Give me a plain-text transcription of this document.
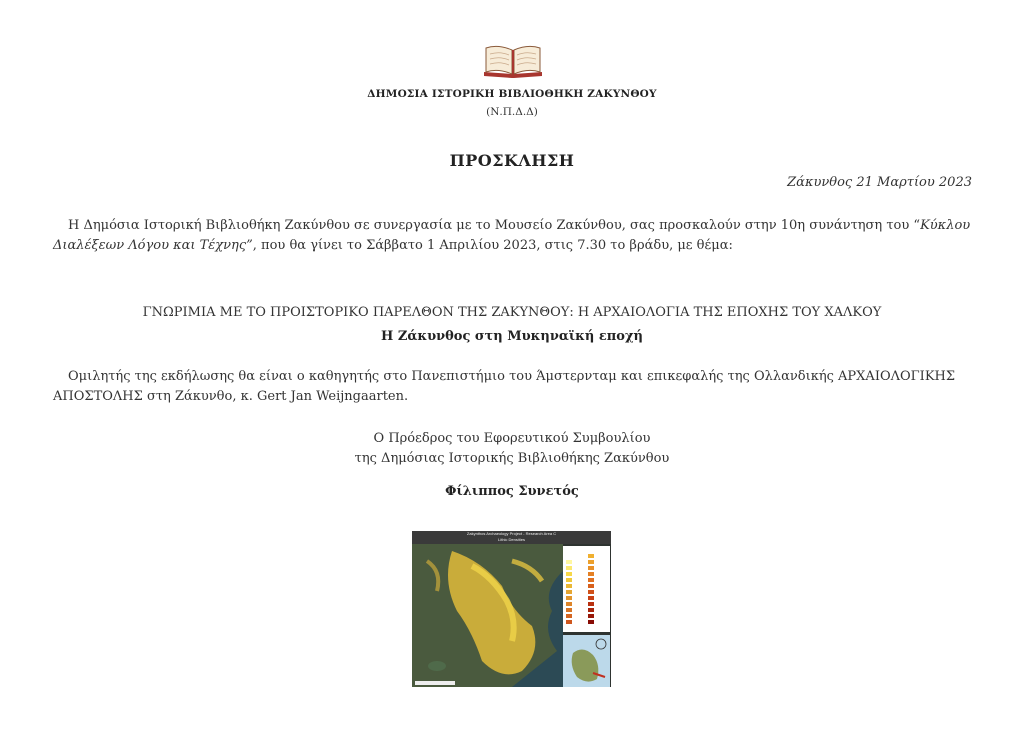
ΔΗΜΟΣΙΑ ΙΣΤΟΡΙΚΗ ΒΙΒΛΙΟΘΗΚΗ ΖΑΚΥΝΘΟΥ
(Ν.Π.Δ.Δ)
ΠΡΟΣΚΛΗΣΗ
Ζάκυνθος 21 Μαρτίου 2023
Η Δημόσια Ιστορική Βιβλιοθήκη Ζακύνθου σε συνεργασία με το Μουσείο Ζακύνθου, σας προσκαλούν στην 10η συνάντηση του “Κύκλου Διαλέξεων Λόγου και Τέχνης”, που θα γίνει το Σάββατο 1 Απριλίου 2023, στις 7.30 το βράδυ, με θέμα:
ΓΝΩΡΙΜΙΑ ΜΕ ΤΟ ΠΡΟΙΣΤΟΡΙΚΟ ΠΑΡΕΛΘΟΝ ΤΗΣ ΖΑΚΥΝΘΟΥ: Η ΑΡΧΑΙΟΛΟΓΙΑ ΤΗΣ ΕΠΟΧΗΣ ΤΟΥ ΧΑΛΚΟΥ
Η Ζάκυνθος στη Μυκηναϊκή εποχή
Ομιλητής της εκδήλωσης θα είναι ο καθηγητής στο Πανεπιστήμιο του Άμστερνταμ και επικεφαλής της Ολλανδικής ΑΡΧΑΙΟΛΟΓΙΚΗΣ ΑΠΟΣΤΟΛΗΣ στη Ζάκυνθο, κ. Gert Jan Weijngaarten.
Ο Πρόεδρος του Εφορευτικού Συμβουλίου
της Δημόσιας Ιστορικής Βιβλιοθήκης Ζακύνθου
Φίλιππος Συνετός
Zakynthos Archaeology Project - Research Area C
Lithic Densities
